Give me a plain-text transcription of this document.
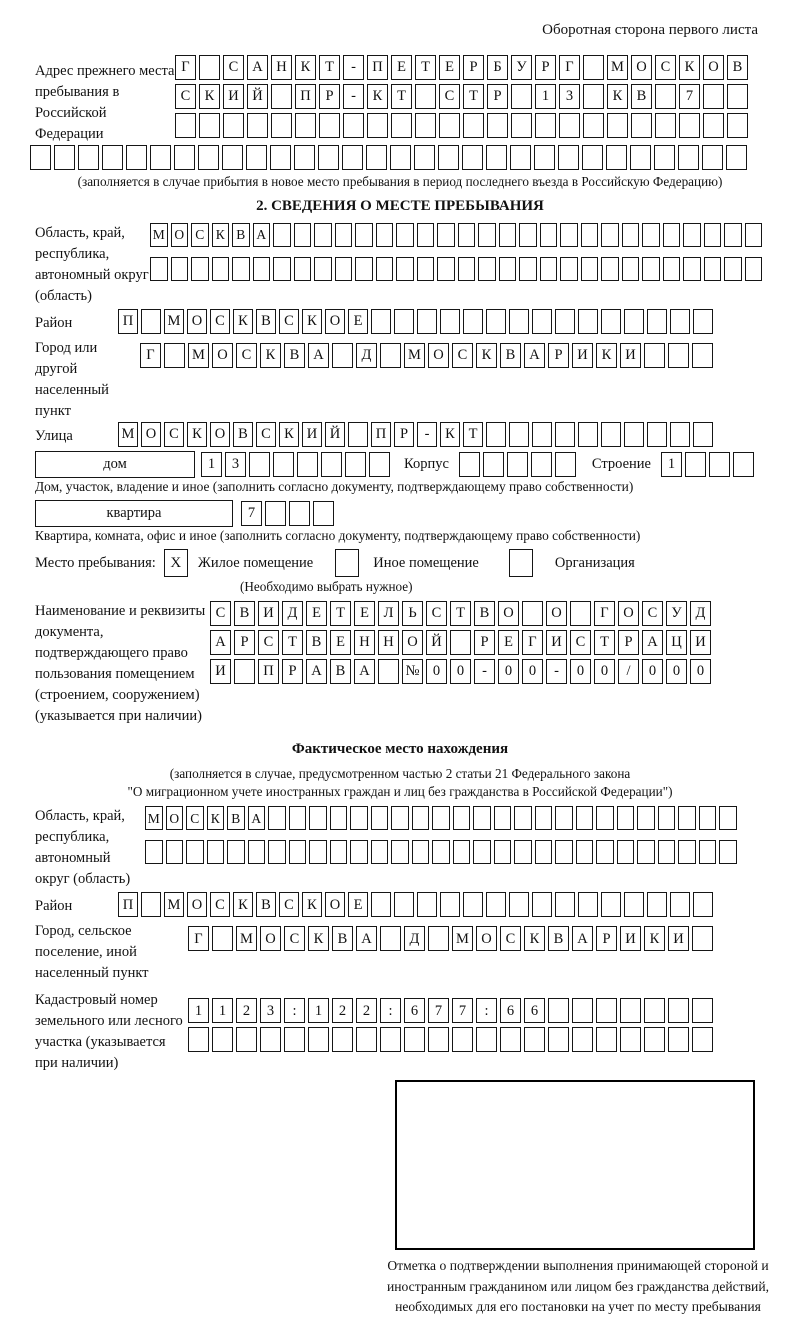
Оборотная сторона первого листа
Адрес прежнего места пребывания в Российской Федерации
Г	С А Н К	Т	-	П Е	Т	Е	Р	Б	У	Р	Г	М О С К О В
С К И Й	П	Р	-	К	Т	С	Т	Р	1	3	К В	7
(заполняется в случае прибытия в новое место пребывания в период последнего въезда в Российскую Федерацию)
2. СВЕДЕНИЯ О МЕСТЕ ПРЕБЫВАНИЯ
Область, край, республика, автономный округ (область)
М О С К В А
Район	П	М О С К В С К О Е
Город или другой населенный пункт
Г	М О С К В А	Д	М О С К В А	Р	И К И
Улица	М О С К О В С К И Й	П Р	-	К Т
дом	1	3	Корпус	Строение	1
Дом, участок, владение и иное (заполнить согласно документу, подтверждающему право собственности)
квартира	7
Квартира, комната, офис и иное (заполнить согласно документу, подтверждающему право собственности)
Место пребывания: X	Жилое помещение	Иное помещение	Организация
(Необходимо выбрать нужное)
Наименование и реквизиты документа, подтверждающего право пользования помещением (строением, сооружением) (указывается при наличии)
С В И Д	Е	Т	Е	Л	Ь	С	Т	В О	О	Г	О С У Д
А	Р	С	Т	В	Е Н Н О Й	Р	Е	Г	И С	Т	Р	А Ц И
И	П	Р	А В А	№ 0	0	-	0	0	-	0	0	/	0	0	0
Фактическое место нахождения
(заполняется в случае, предусмотренном частью 2 статьи 21 Федерального закона
"О миграционном учете иностранных граждан и лиц без гражданства в Российской Федерации")
Область, край, республика, автономный округ (область)
М О С К В А
Район	П	М О С К В С К О Е
Город, сельское поселение, иной населенный пункт
Г	М О С К В А	Д	М О С К В А	Р	И К И
Кадастровый номер земельного или лесного участка (указывается при наличии)
1	1	2	3	:	1	2	2	:	6	7	7	:	6	6
Отметка о подтверждении выполнения принимающей стороной и иностранным гражданином или лицом без гражданства действий, необходимых для его постановки на учет по месту пребывания
